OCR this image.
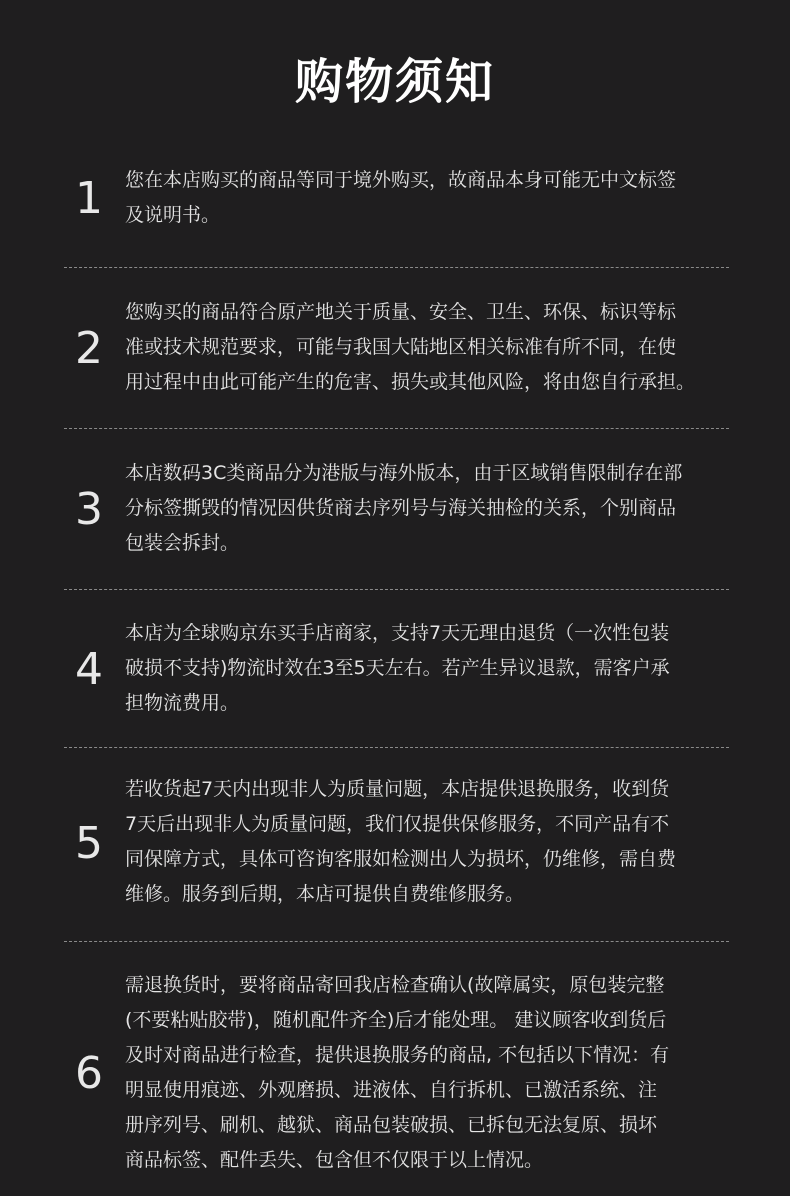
购物须知
1	您在本店购买的商品等同于境外购买，故商品本身可能无中文标签
及说明书。
2
您购买的商品符合原产地关于质量、安全、卫生、环保、标识等标
准或技术规范要求，可能与我国大陆地区相关标准有所不同，在使
用过程中由此可能产生的危害、损失或其他风险，将由您自行承担。
3
本店数码3C类商品分为港版与海外版本，由于区域销售限制存在部
分标签撕毁的情况因供货商去序列号与海关抽检的关系，个别商品
包装会拆封。
4
本店为全球购京东买手店商家，支持7天无理由退货（一次性包装
破损不支持)物流时效在3至5天左右。若产生异议退款，需客户承
担物流费用。
5
若收货起7天内出现非人为质量问题，本店提供退换服务，收到货
7天后出现非人为质量问题，我们仅提供保修服务，不同产品有不
同保障方式，具体可咨询客服如检测出人为损坏，仍维修，需自费
维修。服务到后期，本店可提供自费维修服务。
6
需退换货时，要将商品寄回我店检查确认(故障属实，原包装完整
(不要粘贴胶带)，随机配件齐全)后才能处理。 建议顾客收到货后
及时对商品进行检查，提供退换服务的商品, 不包括以下情况：有
明显使用痕迹、外观磨损、进液体、自行拆机、已激活系统、注
册序列号、刷机、越狱、商品包装破损、已拆包无法复原、损坏
商品标签、配件丢失、包含但不仅限于以上情况。
